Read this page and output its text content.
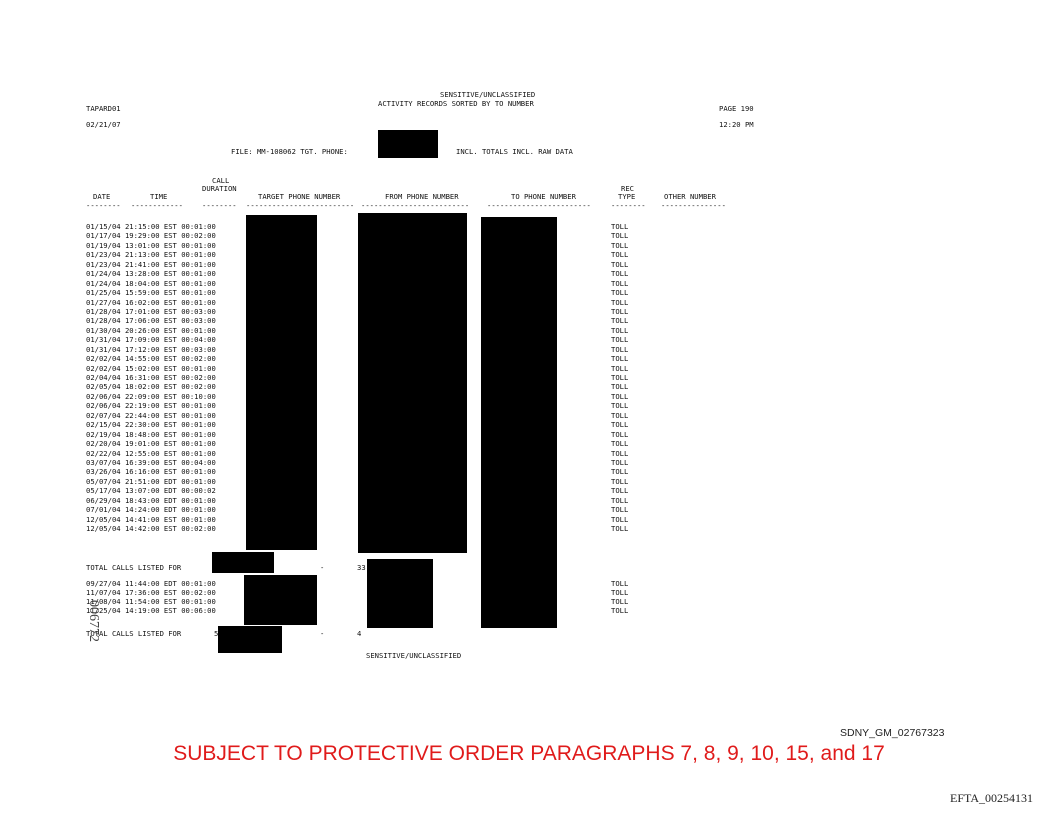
TAPARD01
SENSITIVE/UNCLASSIFIED
ACTIVITY RECORDS SORTED BY TO NUMBER
PAGE 190
02/21/07	12:20 PM
FILE: MM-108062 TGT. PHONE:	INCL. TOTALS INCL. RAW DATA
CALL
DURATION
DATE	TIME	TARGET PHONE NUMBER	FROM PHONE NUMBER	TO PHONE NUMBER
REC
TYPE	OTHER NUMBER
-------- ------------	-------- ------------------------- ------------------------- ------------------------	-------- ---------------
01/15/04 21:15:00 EST 00:01:00	TOLL
01/17/04 19:29:00 EST 00:02:00	TOLL
01/19/04 13:01:00 EST 00:01:00	TOLL
01/23/04 21:13:00 EST 00:01:00	TOLL
01/23/04 21:41:00 EST 00:01:00	TOLL
01/24/04 13:28:00 EST 00:01:00	TOLL
01/24/04 18:04:00 EST 00:01:00	TOLL
01/25/04 15:59:00 EST 00:01:00	TOLL
01/27/04 16:02:00 EST 00:01:00	TOLL
01/28/04 17:01:00 EST 00:03:00	TOLL
01/28/04 17:06:00 EST 00:03:00	TOLL
01/30/04 20:26:00 EST 00:01:00	TOLL
01/31/04 17:09:00 EST 00:04:00	TOLL
01/31/04 17:12:00 EST 00:03:00	TOLL
02/02/04 14:55:00 EST 00:02:00	TOLL
02/02/04 15:02:00 EST 00:01:00	TOLL
02/04/04 16:31:00 EST 00:02:00	TOLL
02/05/04 18:02:00 EST 00:02:00	TOLL
02/06/04 22:09:00 EST 00:10:00	TOLL
02/06/04 22:19:00 EST 00:01:00	TOLL
02/07/04 22:44:00 EST 00:01:00	TOLL
02/15/04 22:30:00 EST 00:01:00	TOLL
02/19/04 18:48:00 EST 00:01:00	TOLL
02/20/04 19:01:00 EST 00:01:00	TOLL
02/22/04 12:55:00 EST 00:01:00	TOLL
03/07/04 16:39:00 EST 00:04:00	TOLL
03/26/04 16:16:00 EST 00:01:00	TOLL
05/07/04 21:51:00 EDT 00:01:00	TOLL
05/17/04 13:07:00 EDT 00:00:02	TOLL
06/29/04 18:43:00 EDT 00:01:00	TOLL
07/01/04 14:24:00 EDT 00:01:00	TOLL
12/05/04 14:41:00 EST 00:01:00	TOLL
12/05/04 14:42:00 EST 00:02:00	TOLL
TOTAL CALLS LISTED FOR	-	33
09/27/04 11:44:00 EDT 00:01:00	TOLL
11/07/04 17:36:00 EST 00:02:00	TOLL
11/08/04 11:54:00 EST 00:01:00	TOLL
11/25/04 14:19:00 EST 00:06:00	TOLL
TOTAL CALLS LISTED FOR	5	-	4
SENSITIVE/UNCLASSIFIED
006772
SDNY_GM_02767323
SUBJECT TO PROTECTIVE ORDER PARAGRAPHS 7, 8, 9, 10, 15, and 17
EFTA_00254131
